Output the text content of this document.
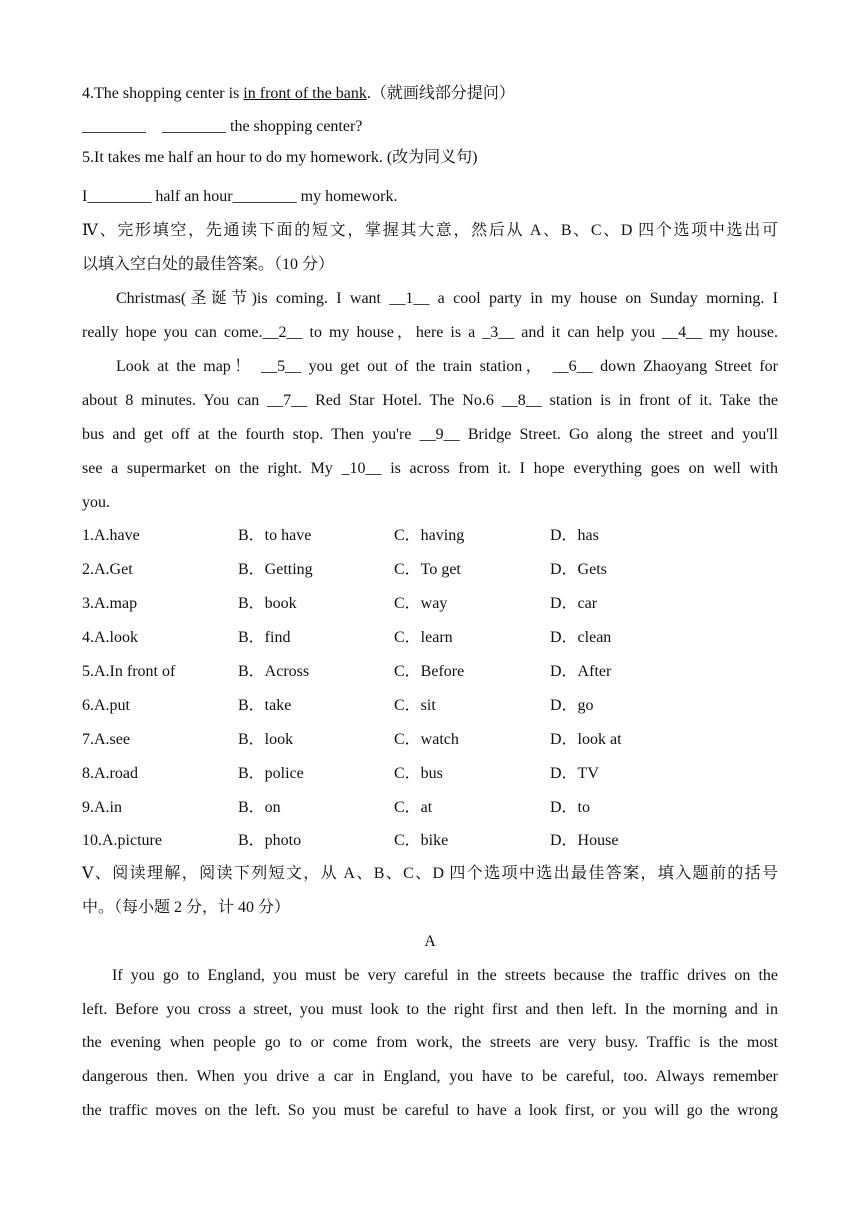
4.The shopping center is in front of the bank.（就画线部分提问）
________    ________ the shopping center?
5.It takes me half an hour to do my homework. (改为同义句)
I________ half an hour________ my homework.
Ⅳ、完形填空，先通读下面的短文，掌握其大意，然后从 A、B、C、D 四个选项中选出可
以填入空白处的最佳答案。（10 分）
Christmas(圣诞节)is coming. I want __1__ a cool party in my house on Sunday morning. I
really hope you can come.__2__ to my house，here is a _3__ and it can help you __4__ my house.
Look at the map！ __5__ you get out of the train station， __6__ down Zhaoyang Street for
about 8 minutes. You can __7__ Red Star Hotel. The No.6 __8__ station is in front of it. Take the
bus and get off at the fourth stop. Then you're __9__ Bridge Street. Go along the street and you'll
see a supermarket on the right. My _10__ is across from it. I hope everything goes on well with
you.
1.A.have	B．to have	C．having	D．has
2.A.Get	B．Getting	C．To get	D．Gets
3.A.map	B．book	C．way	D．car
4.A.look	B．find	C．learn	D．clean
5.A.In front of	B．Across	C．Before	D．After
6.A.put	B．take	C．sit	D．go
7.A.see	B．look	C．watch	D．look at
8.A.road	B．police	C．bus	D．TV
9.A.in	B．on	C．at	D．to
10.A.picture	B．photo	C．bike	D．House
Ⅴ、阅读理解，阅读下列短文，从 A、B、C、D 四个选项中选出最佳答案，填入题前的括号
中。（每小题 2 分，计 40 分）
A
If you go to England, you must be very careful in the streets because the traffic drives on the
left. Before you cross a street, you must look to the right first and then left. In the morning and in
the evening when people go to or come from work, the streets are very busy. Traffic is the most
dangerous then. When you drive a car in England, you have to be careful, too. Always remember
the traffic moves on the left. So you must be careful to have a look first, or you will go the wrong
